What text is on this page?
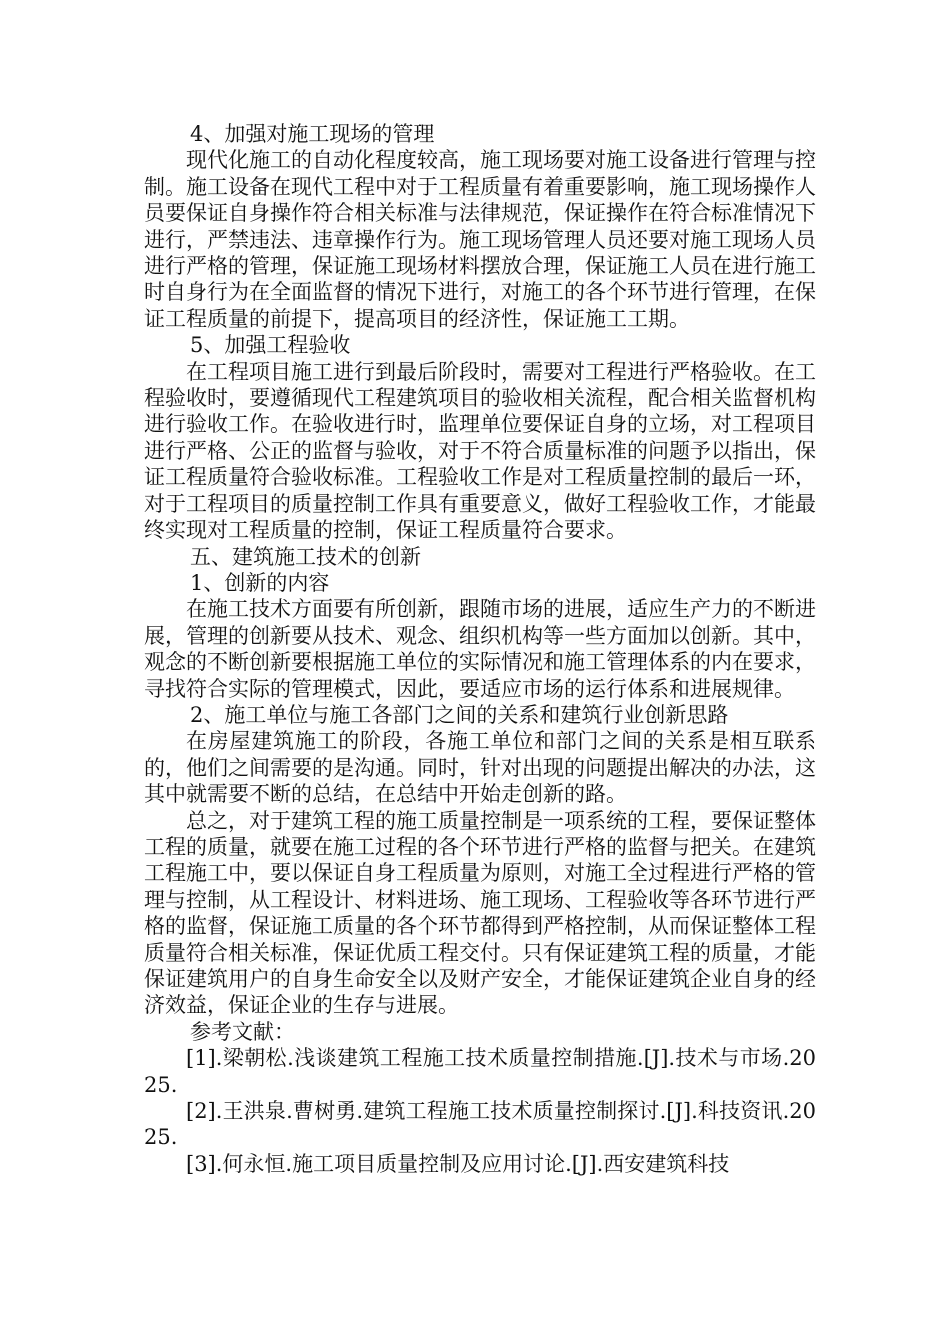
4、加强对施工现场的管理

现代化施工的自动化程度较高，施工现场要对施工设备进行管理与控制。施工设备在现代工程中对于工程质量有着重要影响，施工现场操作人员要保证自身操作符合相关标准与法律规范，保证操作在符合标准情况下进行，严禁违法、违章操作行为。施工现场管理人员还要对施工现场人员进行严格的管理，保证施工现场材料摆放合理，保证施工人员在进行施工时自身行为在全面监督的情况下进行，对施工的各个环节进行管理，在保证工程质量的前提下，提高项目的经济性，保证施工工期。

5、加强工程验收

在工程项目施工进行到最后阶段时，需要对工程进行严格验收。在工程验收时，要遵循现代工程建筑项目的验收相关流程，配合相关监督机构进行验收工作。在验收进行时，监理单位要保证自身的立场，对工程项目进行严格、公正的监督与验收，对于不符合质量标准的问题予以指出，保证工程质量符合验收标准。工程验收工作是对工程质量控制的最后一环，对于工程项目的质量控制工作具有重要意义，做好工程验收工作，才能最终实现对工程质量的控制，保证工程质量符合要求。

五、建筑施工技术的创新

1、创新的内容

在施工技术方面要有所创新，跟随市场的进展，适应生产力的不断进展，管理的创新要从技术、观念、组织机构等一些方面加以创新。其中，观念的不断创新要根据施工单位的实际情况和施工管理体系的内在要求，寻找符合实际的管理模式，因此，要适应市场的运行体系和进展规律。

2、施工单位与施工各部门之间的关系和建筑行业创新思路

在房屋建筑施工的阶段，各施工单位和部门之间的关系是相互联系的，他们之间需要的是沟通。同时，针对出现的问题提出解决的办法，这其中就需要不断的总结，在总结中开始走创新的路。

总之，对于建筑工程的施工质量控制是一项系统的工程，要保证整体工程的质量，就要在施工过程的各个环节进行严格的监督与把关。在建筑工程施工中，要以保证自身工程质量为原则，对施工全过程进行严格的管理与控制，从工程设计、材料进场、施工现场、工程验收等各环节进行严格的监督，保证施工质量的各个环节都得到严格控制，从而保证整体工程质量符合相关标准，保证优质工程交付。只有保证建筑工程的质量，才能保证建筑用户的自身生命安全以及财产安全，才能保证建筑企业自身的经济效益，保证企业的生存与进展。

参考文献：

[1].梁朝松.浅谈建筑工程施工技术质量控制措施.[J].技术与市场.2025.

[2].王洪泉.曹树勇.建筑工程施工技术质量控制探讨.[J].科技资讯.2025.

[3].何永恒.施工项目质量控制及应用讨论.[J].西安建筑科技
